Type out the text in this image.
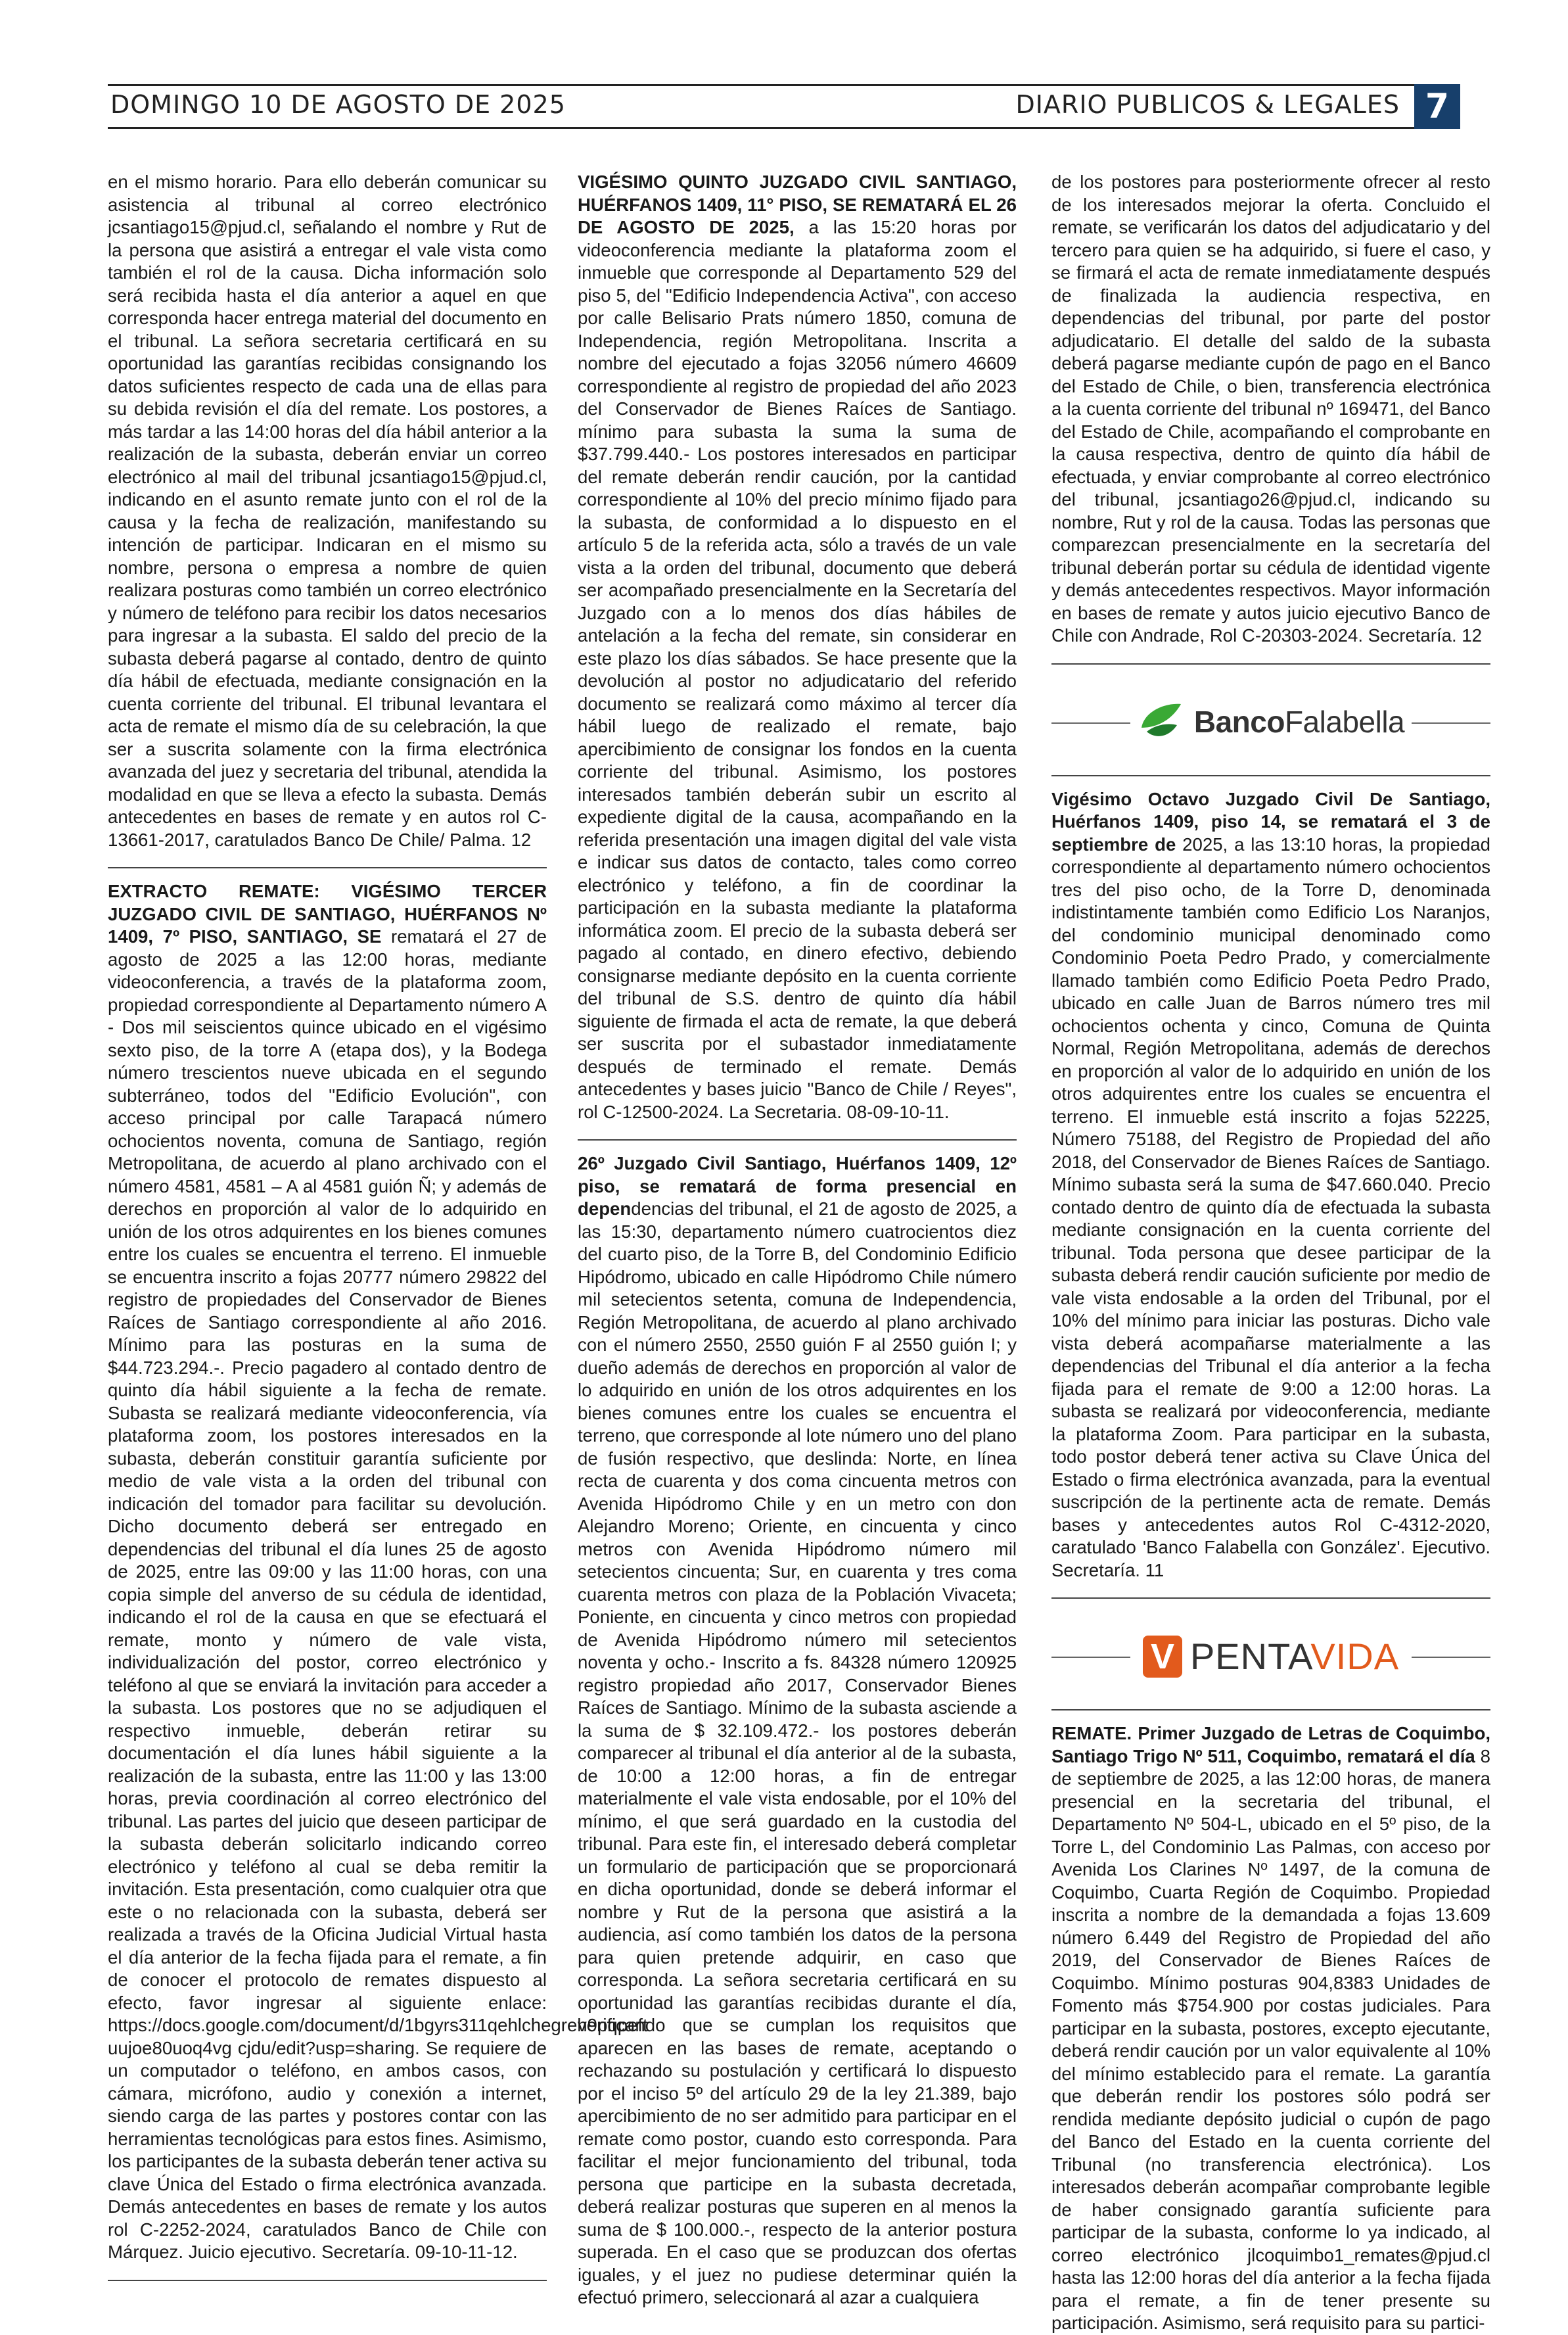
DOMINGO 10 DE AGOSTO DE 2025	DIARIO PUBLICOS & LEGALES 7

en el mismo horario. Para ello deberán comunicar su asistencia al tribunal al correo electrónico jcsantiago15@pjud.cl, señalando el nombre y Rut de la persona que asistirá a entregar el vale vista como también el rol de la causa. Dicha información solo será recibida hasta el día anterior a aquel en que corresponda hacer entrega material del documento en el tribunal. La señora secretaria certificará en su oportunidad las garantías recibidas consignando los datos suficientes respecto de cada una de ellas para su debida revisión el día del remate. Los postores, a más tardar a las 14:00 horas del día hábil anterior a la realización de la subasta, deberán enviar un correo electrónico al mail del tribunal jcsantiago15@pjud.cl, indicando en el asunto remate junto con el rol de la causa y la fecha de realización, manifestando su intención de participar. Indicaran en el mismo su nombre, persona o empresa a nombre de quien realizara posturas como también un correo electrónico y número de teléfono para recibir los datos necesarios para ingresar a la subasta. El saldo del precio de la subasta deberá pagarse al contado, dentro de quinto día hábil de efectuada, mediante consignación en la cuenta corriente del tribunal. El tribunal levantara el acta de remate el mismo día de su celebración, la que ser a suscrita solamente con la firma electrónica avanzada del juez y secretaria del tribunal, atendida la modalidad en que se lleva a efecto la subasta. Demás antecedentes en bases de remate y en autos rol C-13661-2017, caratulados Banco De Chile/ Palma. 12

EXTRACTO REMATE: VIGÉSIMO TERCER JUZGADO CIVIL DE SANTIAGO, HUÉRFANOS Nº 1409, 7º PISO, SANTIAGO, SE rematará el 27 de agosto de 2025 a las 12:00 horas, mediante videoconferencia, a través de la plataforma zoom, propiedad correspondiente al Departamento número A - Dos mil seiscientos quince ubicado en el vigésimo sexto piso, de la torre A (etapa dos), y la Bodega número trescientos nueve ubicada en el segundo subterráneo, todos del "Edificio Evolución", con acceso principal por calle Tarapacá número ochocientos noventa, comuna de Santiago, región Metropolitana, de acuerdo al plano archivado con el número 4581, 4581 – A al 4581 guión Ñ; y además de derechos en proporción al valor de lo adquirido en unión de los otros adquirentes en los bienes comunes entre los cuales se encuentra el terreno. El inmueble se encuentra inscrito a fojas 20777 número 29822 del registro de propiedades del Conservador de Bienes Raíces de Santiago correspondiente al año 2016. Mínimo para las posturas en la suma de $44.723.294.-. Precio pagadero al contado dentro de quinto día hábil siguiente a la fecha de remate. Subasta se realizará mediante videoconferencia, vía plataforma zoom, los postores interesados en la subasta, deberán constituir garantía suficiente por medio de vale vista a la orden del tribunal con indicación del tomador para facilitar su devolución. Dicho documento deberá ser entregado en dependencias del tribunal el día lunes 25 de agosto de 2025, entre las 09:00 y las 11:00 horas, con una copia simple del anverso de su cédula de identidad, indicando el rol de la causa en que se efectuará el remate, monto y número de vale vista, individualización del postor, correo electrónico y teléfono al que se enviará la invitación para acceder a la subasta. Los postores que no se adjudiquen el respectivo inmueble, deberán retirar su documentación el día lunes hábil siguiente a la realización de la subasta, entre las 11:00 y las 13:00 horas, previa coordinación al correo electrónico del tribunal. Las partes del juicio que deseen participar de la subasta deberán solicitarlo indicando correo electrónico y teléfono al cual se deba remitir la invitación. Esta presentación, como cualquier otra que este o no relacionada con la subasta, deberá ser realizada a través de la Oficina Judicial Virtual hasta el día anterior de la fecha fijada para el remate, a fin de conocer el protocolo de remates dispuesto al efecto, favor ingresar al siguiente enlace: https://docs.google.com/document/d/1bgyrs311qehlchegreh9pqpeft uujoe80uoq4vg cjdu/edit?usp=sharing. Se requiere de un computador o teléfono, en ambos casos, con cámara, micrófono, audio y conexión a internet, siendo carga de las partes y postores contar con las herramientas tecnológicas para estos fines. Asimismo, los participantes de la subasta deberán tener activa su clave Única del Estado o firma electrónica avanzada. Demás antecedentes en bases de remate y los autos rol C-2252-2024, caratulados Banco de Chile con Márquez. Juicio ejecutivo. Secretaría. 09-10-11-12.

VIGÉSIMO QUINTO JUZGADO CIVIL SANTIAGO, HUÉRFANOS 1409, 11° PISO, SE REMATARÁ EL 26 DE AGOSTO DE 2025, a las 15:20 horas por videoconferencia mediante la plataforma zoom el inmueble que corresponde al Departamento 529 del piso 5, del "Edificio Independencia Activa", con acceso por calle Belisario Prats número 1850, comuna de Independencia, región Metropolitana. Inscrita a nombre del ejecutado a fojas 32056 número 46609 correspondiente al registro de propiedad del año 2023 del Conservador de Bienes Raíces de Santiago. mínimo para subasta la suma la suma de $37.799.440.- Los postores interesados en participar del remate deberán rendir caución, por la cantidad correspondiente al 10% del precio mínimo fijado para la subasta, de conformidad a lo dispuesto en el artículo 5 de la referida acta, sólo a través de un vale vista a la orden del tribunal, documento que deberá ser acompañado presencialmente en la Secretaría del Juzgado con a lo menos dos días hábiles de antelación a la fecha del remate, sin considerar en este plazo los días sábados. Se hace presente que la devolución al postor no adjudicatario del referido documento se realizará como máximo al tercer día hábil luego de realizado el remate, bajo apercibimiento de consignar los fondos en la cuenta corriente del tribunal. Asimismo, los postores interesados también deberán subir un escrito al expediente digital de la causa, acompañando en la referida presentación una imagen digital del vale vista e indicar sus datos de contacto, tales como correo electrónico y teléfono, a fin de coordinar la participación en la subasta mediante la plataforma informática zoom. El precio de la subasta deberá ser pagado al contado, en dinero efectivo, debiendo consignarse mediante depósito en la cuenta corriente del tribunal de S.S. dentro de quinto día hábil siguiente de firmada el acta de remate, la que deberá ser suscrita por el subastador inmediatamente después de terminado el remate. Demás antecedentes y bases juicio "Banco de Chile / Reyes", rol C-12500-2024. La Secretaria. 08-09-10-11.

26º Juzgado Civil Santiago, Huérfanos 1409, 12º piso, se rematará de forma presencial en dependencias del tribunal, el 21 de agosto de 2025, a las 15:30, departamento número cuatrocientos diez del cuarto piso, de la Torre B, del Condominio Edificio Hipódromo, ubicado en calle Hipódromo Chile número mil setecientos setenta, comuna de Independencia, Región Metropolitana, de acuerdo al plano archivado con el número 2550, 2550 guión F al 2550 guión I; y dueño además de derechos en proporción al valor de lo adquirido en unión de los otros adquirentes en los bienes comunes entre los cuales se encuentra el terreno, que corresponde al lote número uno del plano de fusión respectivo, que deslinda: Norte, en línea recta de cuarenta y dos coma cincuenta metros con Avenida Hipódromo Chile y en un metro con don Alejandro Moreno; Oriente, en cincuenta y cinco metros con Avenida Hipódromo número mil setecientos cincuenta; Sur, en cuarenta y tres coma cuarenta metros con plaza de la Población Vivaceta; Poniente, en cincuenta y cinco metros con propiedad de Avenida Hipódromo número mil setecientos noventa y ocho.- Inscrito a fs. 84328 número 120925 registro propiedad año 2017, Conservador Bienes Raíces de Santiago. Mínimo de la subasta asciende a la suma de $ 32.109.472.- los postores deberán comparecer al tribunal el día anterior al de la subasta, de 10:00 a 12:00 horas, a fin de entregar materialmente el vale vista endosable, por el 10% del mínimo, el que será guardado en la custodia del tribunal. Para este fin, el interesado deberá completar un formulario de participación que se proporcionará en dicha oportunidad, donde se deberá informar el nombre y Rut de la persona que asistirá a la audiencia, así como también los datos de la persona para quien pretende adquirir, en caso que corresponda. La señora secretaria certificará en su oportunidad las garantías recibidas durante el día, verificando que se cumplan los requisitos que aparecen en las bases de remate, aceptando o rechazando su postulación y certificará lo dispuesto por el inciso 5º del artículo 29 de la ley 21.389, bajo apercibimiento de no ser admitido para participar en el remate como postor, cuando esto corresponda. Para facilitar el mejor funcionamiento del tribunal, toda persona que participe en la subasta decretada, deberá realizar posturas que superen en al menos la suma de $ 100.000.-, respecto de la anterior postura superada. En el caso que se produzcan dos ofertas iguales, y el juez no pudiese determinar quién la efectuó primero, seleccionará al azar a cualquiera

de los postores para posteriormente ofrecer al resto de los interesados mejorar la oferta. Concluido el remate, se verificarán los datos del adjudicatario y del tercero para quien se ha adquirido, si fuere el caso, y se firmará el acta de remate inmediatamente después de finalizada la audiencia respectiva, en dependencias del tribunal, por parte del postor adjudicatario. El detalle del saldo de la subasta deberá pagarse mediante cupón de pago en el Banco del Estado de Chile, o bien, transferencia electrónica a la cuenta corriente del tribunal nº 169471, del Banco del Estado de Chile, acompañando el comprobante en la causa respectiva, dentro de quinto día hábil de efectuada, y enviar comprobante al correo electrónico del tribunal, jcsantiago26@pjud.cl, indicando su nombre, Rut y rol de la causa. Todas las personas que comparezcan presencialmente en la secretaría del tribunal deberán portar su cédula de identidad vigente y demás antecedentes respectivos. Mayor información en bases de remate y autos juicio ejecutivo Banco de Chile con Andrade, Rol C-20303-2024. Secretaría. 12

BancoFalabella

Vigésimo Octavo Juzgado Civil De Santiago, Huérfanos 1409, piso 14, se rematará el 3 de septiembre de 2025, a las 13:10 horas, la propiedad correspondiente al departamento número ochocientos tres del piso ocho, de la Torre D, denominada indistintamente también como Edificio Los Naranjos, del condominio municipal denominado como Condominio Poeta Pedro Prado, y comercialmente llamado también como Edificio Poeta Pedro Prado, ubicado en calle Juan de Barros número tres mil ochocientos ochenta y cinco, Comuna de Quinta Normal, Región Metropolitana, además de derechos en proporción al valor de lo adquirido en unión de los otros adquirentes entre los cuales se encuentra el terreno. El inmueble está inscrito a fojas 52225, Número 75188, del Registro de Propiedad del año 2018, del Conservador de Bienes Raíces de Santiago. Mínimo subasta será la suma de $47.660.040. Precio contado dentro de quinto día de efectuada la subasta mediante consignación en la cuenta corriente del tribunal. Toda persona que desee participar de la subasta deberá rendir caución suficiente por medio de vale vista endosable a la orden del Tribunal, por el 10% del mínimo para iniciar las posturas. Dicho vale vista deberá acompañarse materialmente a las dependencias del Tribunal el día anterior a la fecha fijada para el remate de 9:00 a 12:00 horas. La subasta se realizará por videoconferencia, mediante la plataforma Zoom. Para participar en la subasta, todo postor deberá tener activa su Clave Única del Estado o firma electrónica avanzada, para la eventual suscripción de la pertinente acta de remate. Demás bases y antecedentes autos Rol C-4312-2020, caratulado 'Banco Falabella con González'. Ejecutivo. Secretaría. 11

V PENTAVIDA

REMATE. Primer Juzgado de Letras de Coquimbo, Santiago Trigo Nº 511, Coquimbo, rematará el día 8 de septiembre de 2025, a las 12:00 horas, de manera presencial en la secretaria del tribunal, el Departamento Nº 504-L, ubicado en el 5º piso, de la Torre L, del Condominio Las Palmas, con acceso por Avenida Los Clarines Nº 1497, de la comuna de Coquimbo, Cuarta Región de Coquimbo. Propiedad inscrita a nombre de la demandada a fojas 13.609 número 6.449 del Registro de Propiedad del año 2019, del Conservador de Bienes Raíces de Coquimbo. Mínimo posturas 904,8383 Unidades de Fomento más $754.900 por costas judiciales. Para participar en la subasta, postores, excepto ejecutante, deberá rendir caución por un valor equivalente al 10% del mínimo establecido para el remate. La garantía que deberán rendir los postores sólo podrá ser rendida mediante depósito judicial o cupón de pago del Banco del Estado en la cuenta corriente del Tribunal (no transferencia electrónica). Los interesados deberán acompañar comprobante legible de haber consignado garantía suficiente para participar de la subasta, conforme lo ya indicado, al correo electrónico jlcoquimbo1_remates@pjud.cl hasta las 12:00 horas del día anterior a la fecha fijada para el remate, a fin de tener presente su participación. Asimismo, será requisito para su partici-
